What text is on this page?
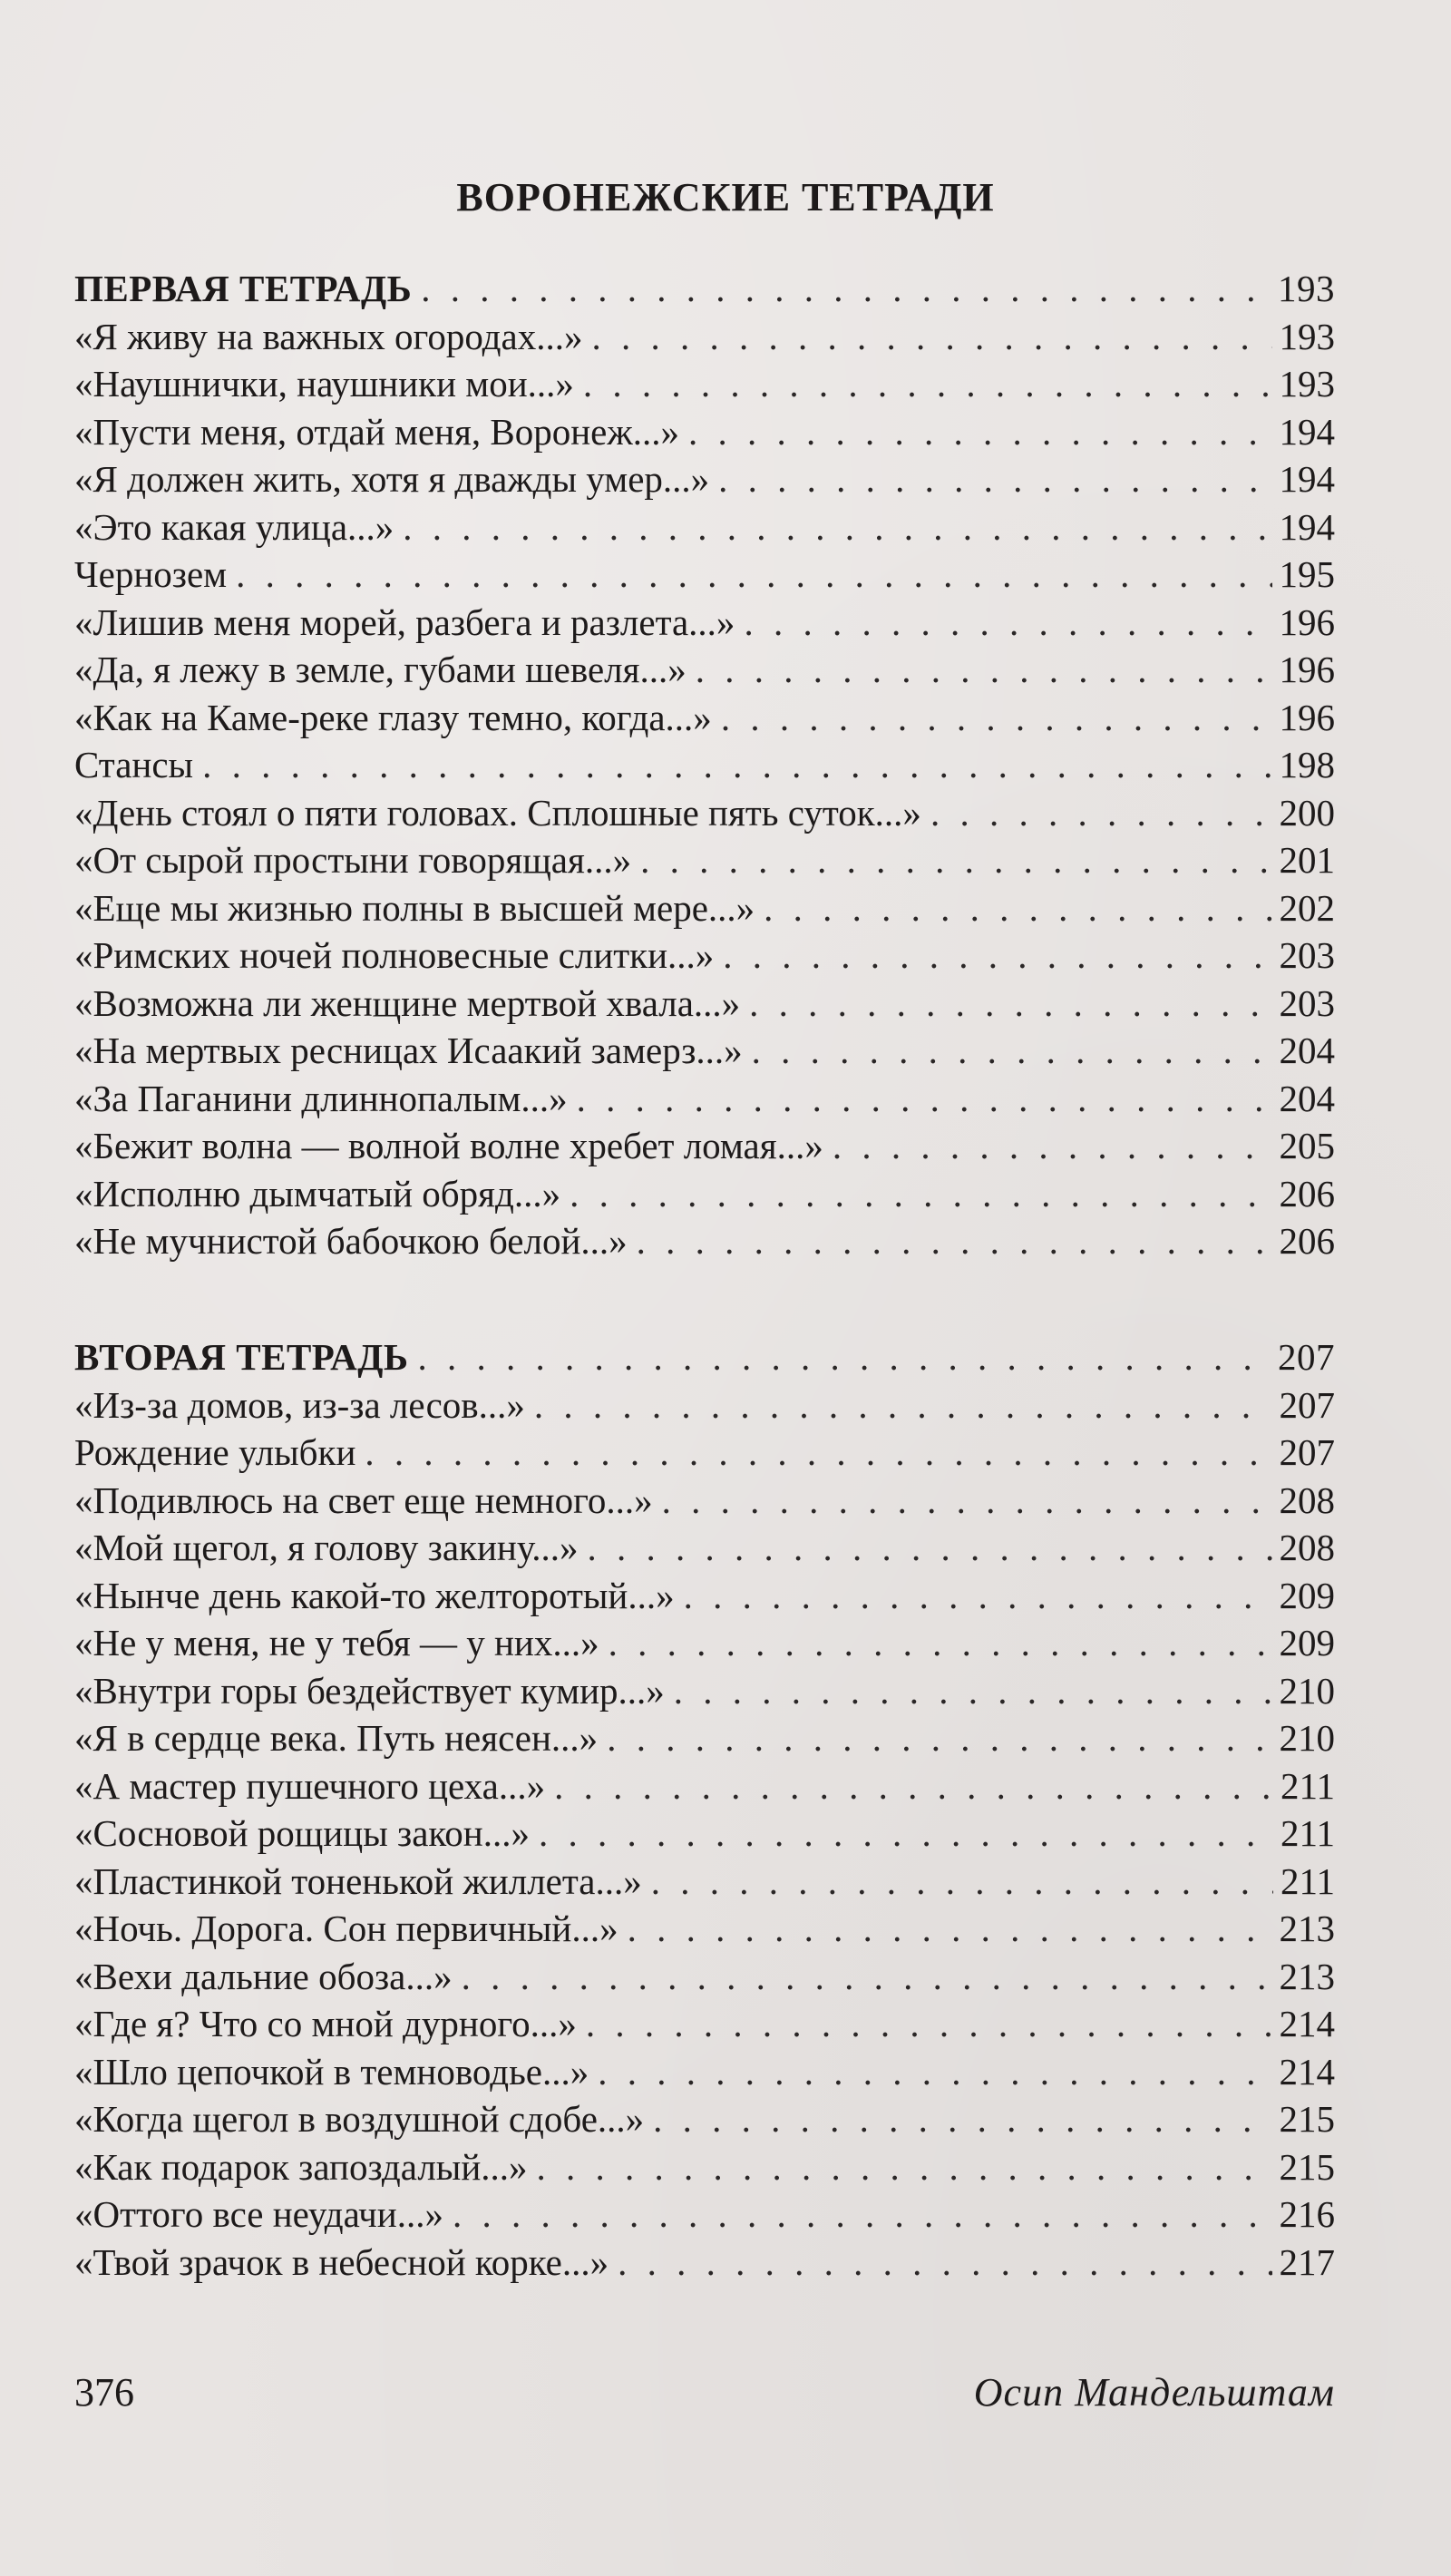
ВОРОНЕЖСКИЕ ТЕТРАДИ
ПЕРВАЯ ТЕТРАДЬ . . .	193
«Я живу на важных огородах...» . . .	193
«Наушнички, наушники мои...» . . .	193
«Пусти меня, отдай меня, Воронеж...» . . .	194
«Я должен жить, хотя я дважды умер...» . . .	194
«Это какая улица...» . . .	194
Чернозем . . .	195
«Лишив меня морей, разбега и разлета...» . . .	196
«Да, я лежу в земле, губами шевеля...» . . .	196
«Как на Каме-реке глазу темно, когда...» . . .	196
Стансы . . .	198
«День стоял о пяти головах. Сплошные пять суток...» . . .	200
«От сырой простыни говорящая...» . . .	201
«Еще мы жизнью полны в высшей мере...» . . .	202
«Римских ночей полновесные слитки...» . . .	203
«Возможна ли женщине мертвой хвала...» . . .	203
«На мертвых ресницах Исаакий замерз...» . . .	204
«За Паганини длиннопалым...» . . .	204
«Бежит волна — волной волне хребет ломая...» . . .	205
«Исполню дымчатый обряд...» . . .	206
«Не мучнистой бабочкою белой...» . . .	206
ВТОРАЯ ТЕТРАДЬ . . .	207
«Из-за домов, из-за лесов...» . . .	207
Рождение улыбки . . .	207
«Подивлюсь на свет еще немного...» . . .	208
«Мой щегол, я голову закину...» . . .	208
«Нынче день какой-то желторотый...» . . .	209
«Не у меня, не у тебя — у них...» . . .	209
«Внутри горы бездействует кумир...» . . .	210
«Я в сердце века. Путь неясен...» . . .	210
«А мастер пушечного цеха...» . . .	211
«Сосновой рощицы закон...» . . .	211
«Пластинкой тоненькой жиллета...» . . .	211
«Ночь. Дорога. Сон первичный...» . . .	213
«Вехи дальние обоза...» . . .	213
«Где я? Что со мной дурного...» . . .	214
«Шло цепочкой в темноводье...» . . .	214
«Когда щегол в воздушной сдобе...» . . .	215
«Как подарок запоздалый...» . . .	215
«Оттого все неудачи...» . . .	216
«Твой зрачок в небесной корке...» . . .	217
376	Осип Мандельштам
